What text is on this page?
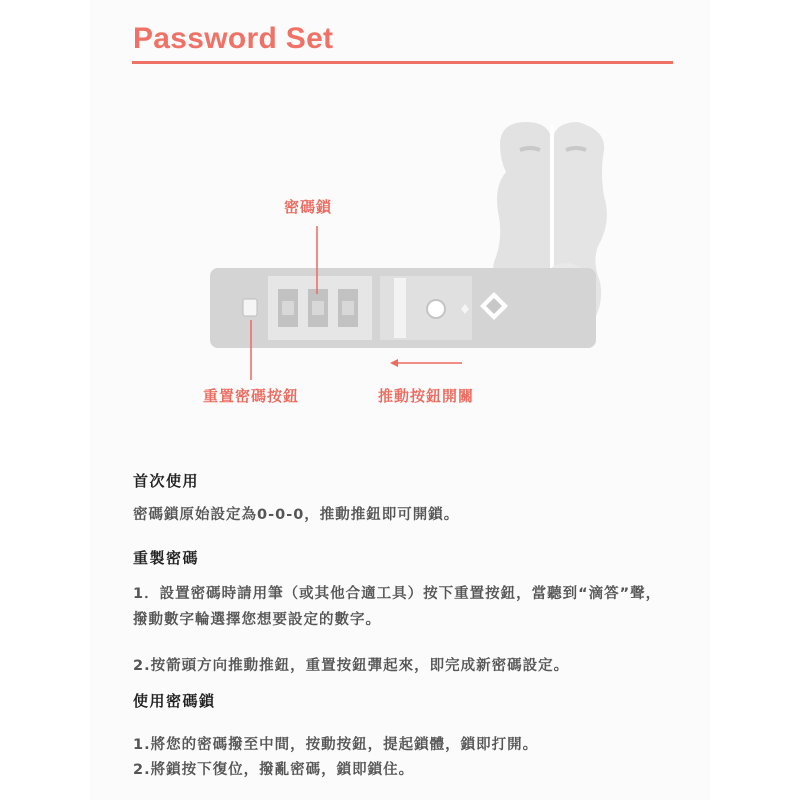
Password Set
密碼鎖
重置密碼按鈕	推動按鈕開關
首次使用
密碼鎖原始設定為0-0-0，推動推鈕即可開鎖。
重製密碼
1．設置密碼時請用筆（或其他合適工具）按下重置按鈕，當聽到“滴答”聲，
撥動數字輪選擇您想要設定的數字。
2.按箭頭方向推動推鈕，重置按鈕彈起來，即完成新密碼設定。
使用密碼鎖
1.將您的密碼撥至中間，按動按鈕，提起鎖體，鎖即打開。
2.將鎖按下復位，撥亂密碼，鎖即鎖住。
